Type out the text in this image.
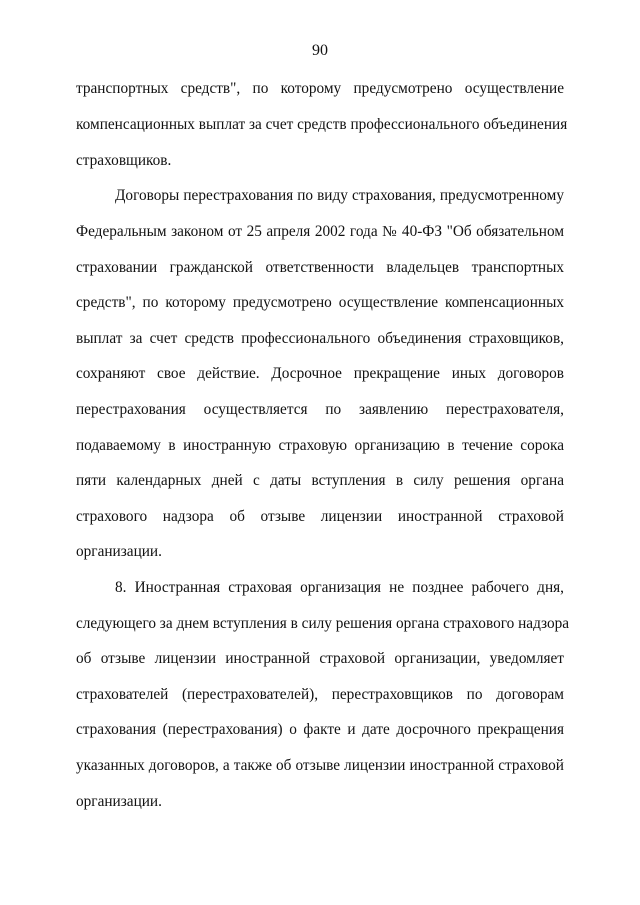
90
транспортных средств", по которому предусмотрено осуществление
компенсационных выплат за счет средств профессионального объединения
страховщиков.
Договоры перестрахования по виду страхования, предусмотренному
Федеральным законом от 25 апреля 2002 года № 40-ФЗ "Об обязательном
страховании гражданской ответственности владельцев транспортных
средств", по которому предусмотрено осуществление компенсационных
выплат за счет средств профессионального объединения страховщиков,
сохраняют свое действие. Досрочное прекращение иных договоров
перестрахования осуществляется по заявлению перестрахователя,
подаваемому в иностранную страховую организацию в течение сорока
пяти календарных дней с даты вступления в силу решения органа
страхового надзора об отзыве лицензии иностранной страховой
организации.
8. Иностранная страховая организация не позднее рабочего дня,
следующего за днем вступления в силу решения органа страхового надзора
об отзыве лицензии иностранной страховой организации, уведомляет
страхователей (перестрахователей), перестраховщиков по договорам
страхования (перестрахования) о факте и дате досрочного прекращения
указанных договоров, а также об отзыве лицензии иностранной страховой
организации.
